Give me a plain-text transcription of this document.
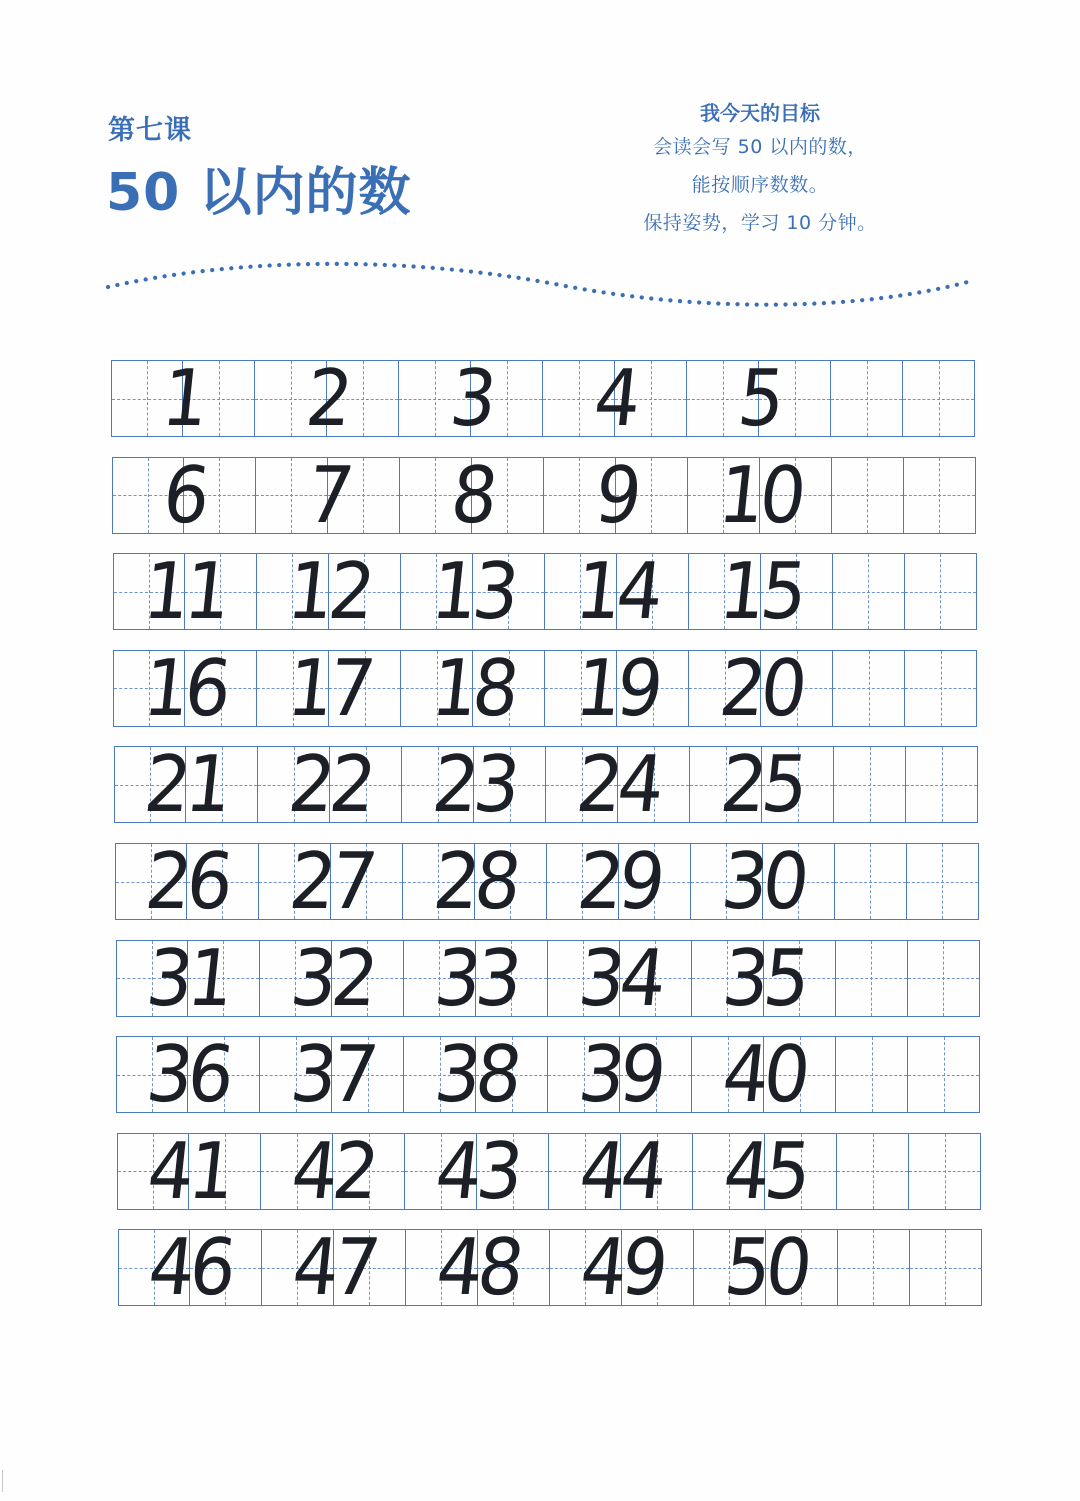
第七课
50 以内的数
我今天的目标
会读会写 50 以内的数，
能按顺序数数。
保持姿势，学习 10 分钟。
1	2	3	4	5
6	7	8	9	10
11 12 13 14 15
16 17 18 19 20
21 22 23 24 25
26 27 28 29 30
31 32 33 34 35
36 37 38 39 40
41 42 43 44 45
46 47 48 49 50
